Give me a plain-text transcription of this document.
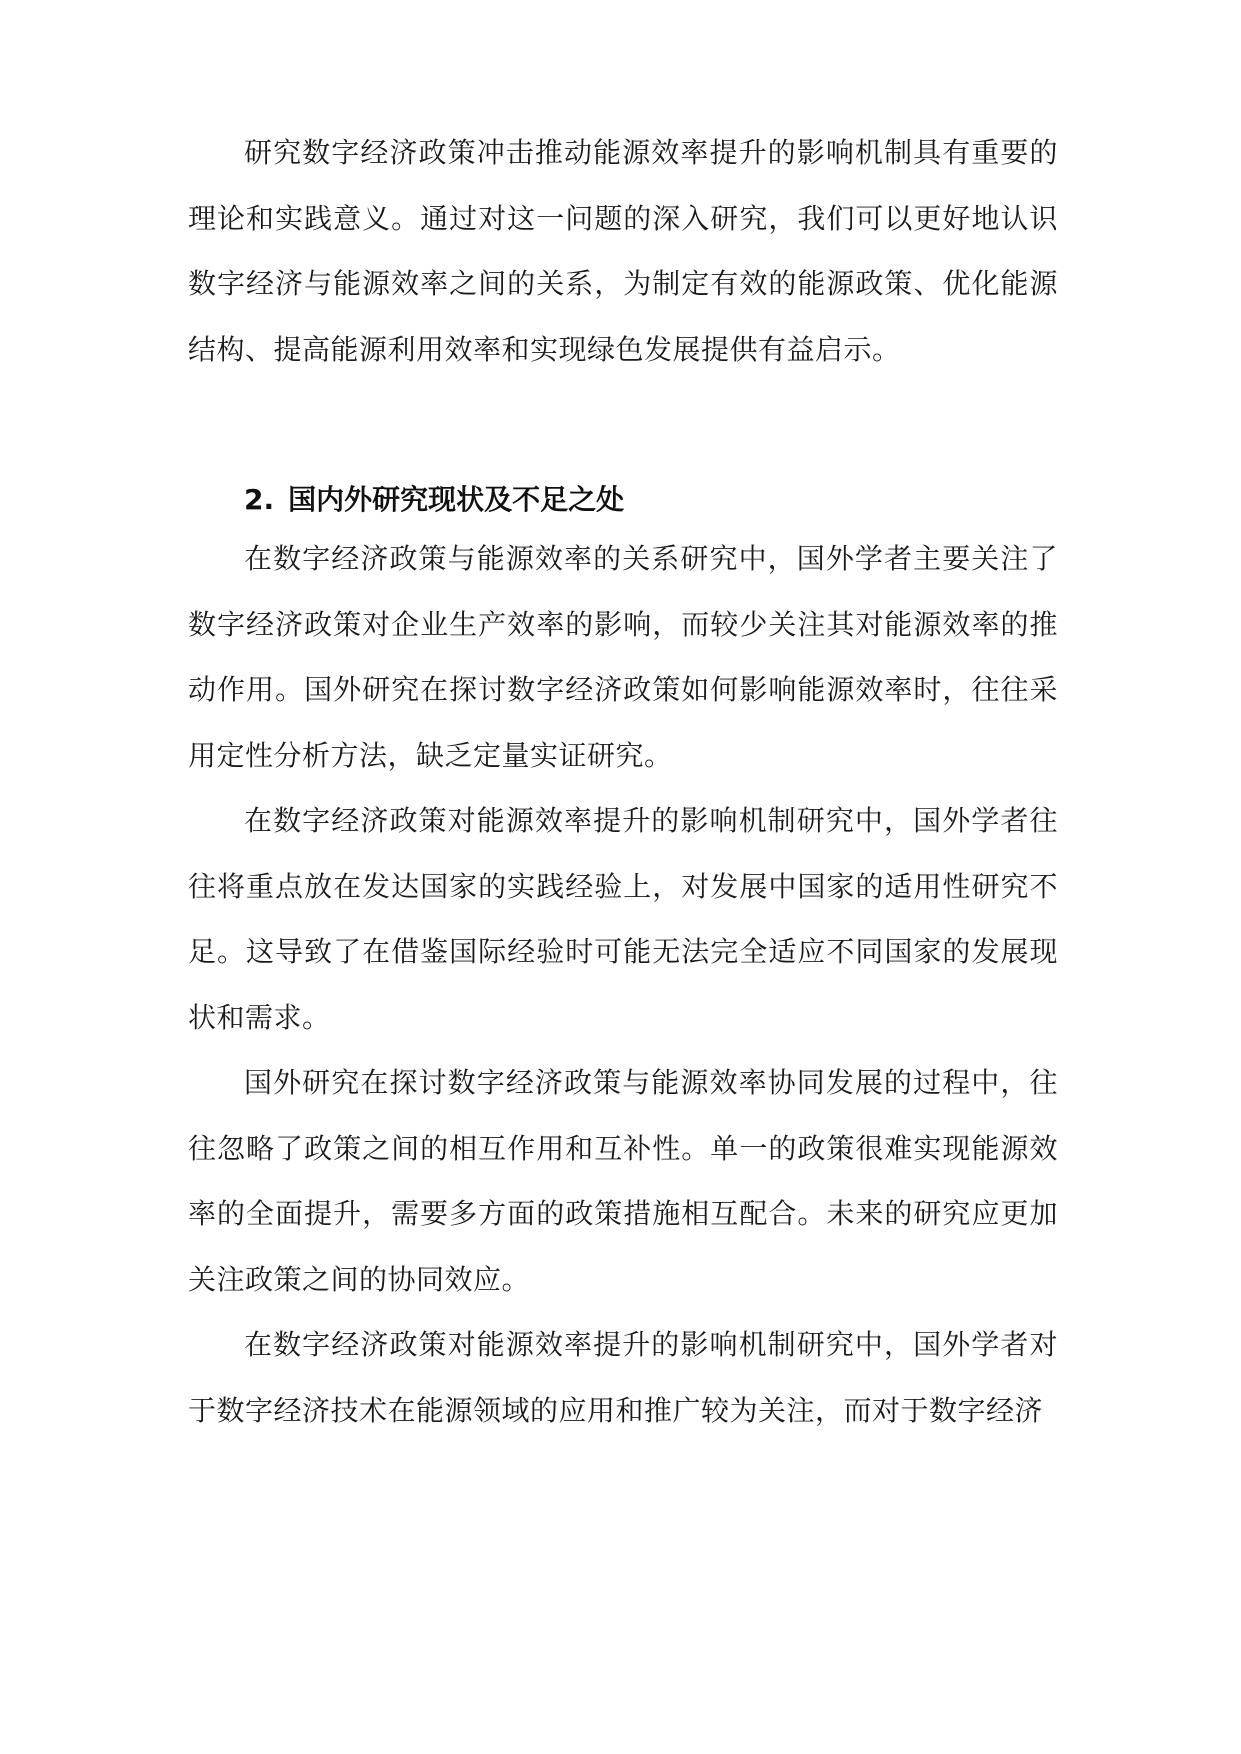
研究数字经济政策冲击推动能源效率提升的影响机制具有重要的理论和实践意义。通过对这一问题的深入研究，我们可以更好地认识数字经济与能源效率之间的关系，为制定有效的能源政策、优化能源结构、提高能源利用效率和实现绿色发展提供有益启示。

2. 国内外研究现状及不足之处

在数字经济政策与能源效率的关系研究中，国外学者主要关注了数字经济政策对企业生产效率的影响，而较少关注其对能源效率的推动作用。国外研究在探讨数字经济政策如何影响能源效率时，往往采用定性分析方法，缺乏定量实证研究。

在数字经济政策对能源效率提升的影响机制研究中，国外学者往往将重点放在发达国家的实践经验上，对发展中国家的适用性研究不足。这导致了在借鉴国际经验时可能无法完全适应不同国家的发展现状和需求。

国外研究在探讨数字经济政策与能源效率协同发展的过程中，往往忽略了政策之间的相互作用和互补性。单一的政策很难实现能源效率的全面提升，需要多方面的政策措施相互配合。未来的研究应更加关注政策之间的协同效应。

在数字经济政策对能源效率提升的影响机制研究中，国外学者对于数字经济技术在能源领域的应用和推广较为关注，而对于数字经济
